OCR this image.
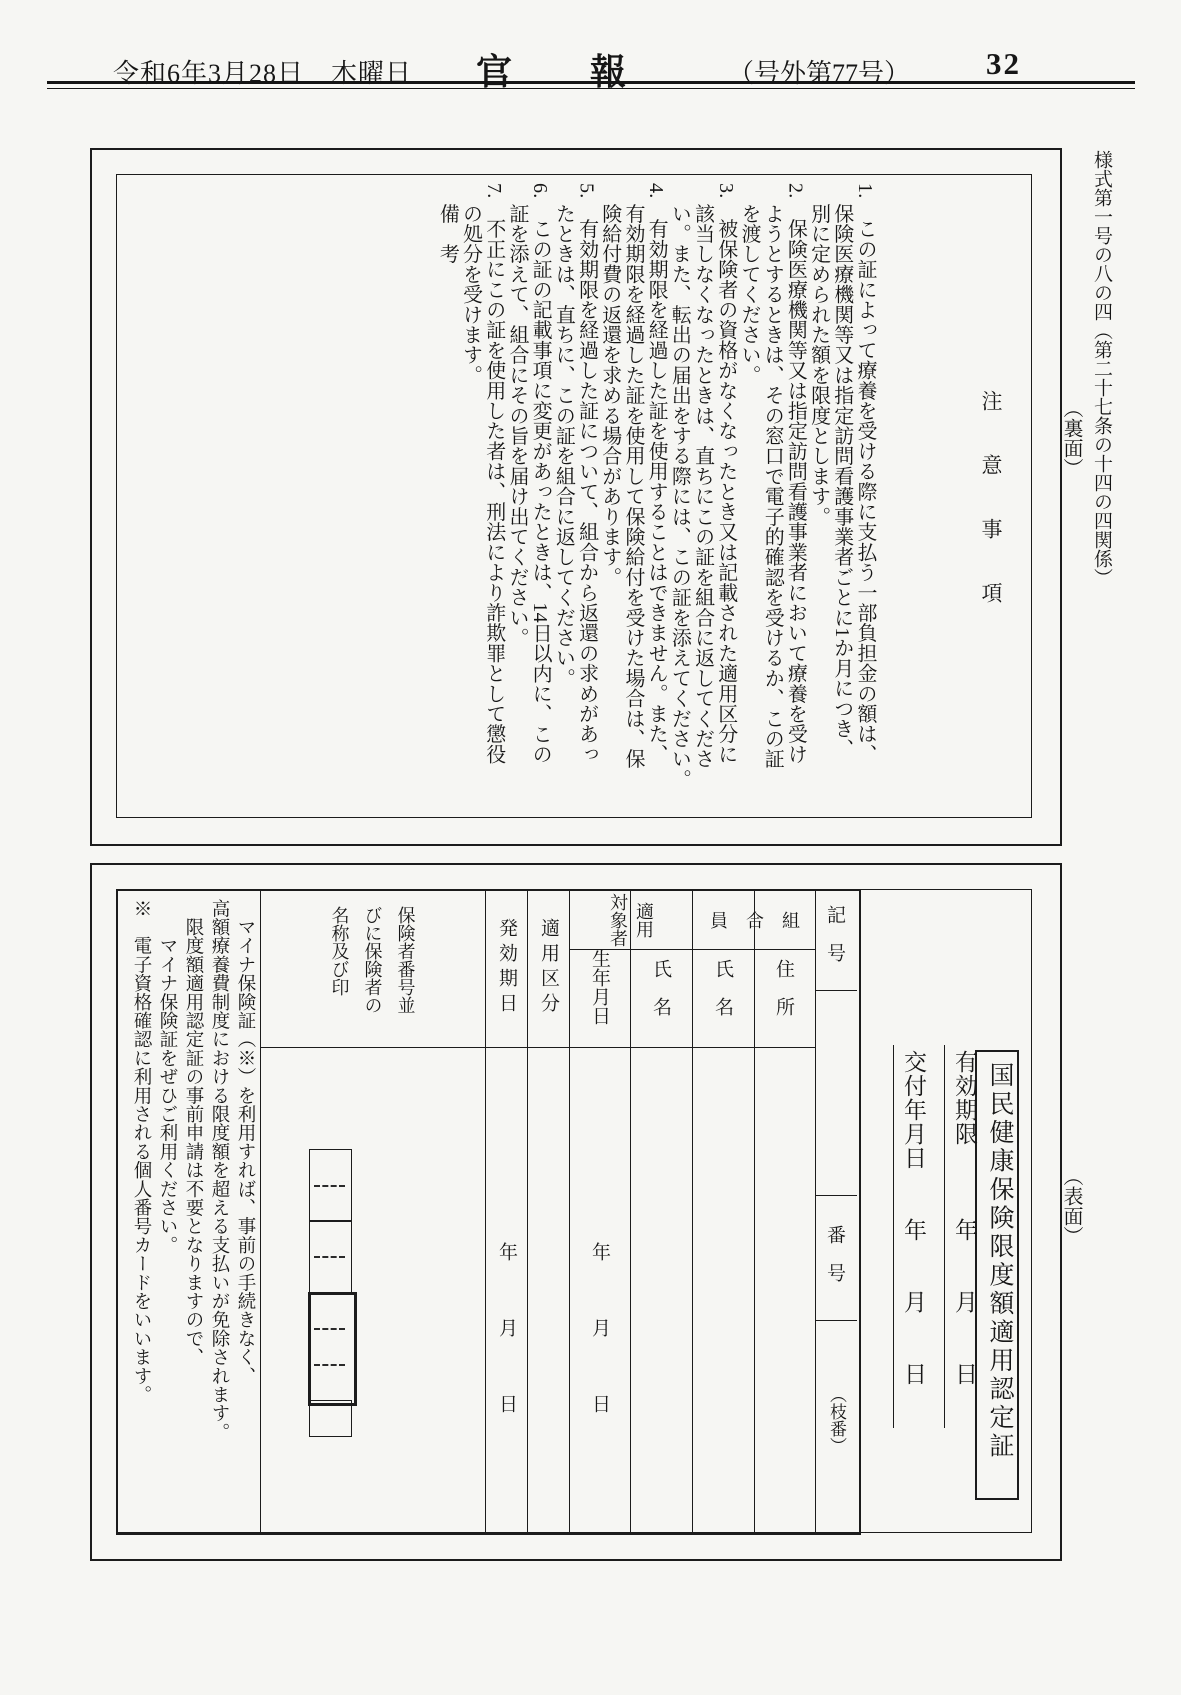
令和6年3月28日　木曜日 官　　報	（号外第77号） 32
様式第一号の八の四（第二十七条の十四の四関係）
（裏面）
（表面）
注　意　事　項
1.　この証によって療養を受ける際に支払う一部負担金の額は、
　保険医療機関等又は指定訪問看護事業者ごとに1か月につき、
　別に定められた額を限度とします。
2.　保険医療機関等又は指定訪問看護事業者において療養を受け
　ようとするときは、その窓口で電子的確認を受けるか、この証
　を渡してください。
3.　被保険者の資格がなくなったとき又は記載された適用区分に
　該当しなくなったときは、直ちにこの証を組合に返してくださ
　い。また、転出の届出をする際には、この証を添えてください。
4.　有効期限を経過した証を使用することはできません。また、
　有効期限を経過した証を使用して保険給付を受けた場合は、保
　険給付費の返還を求める場合があります。
5.　有効期限を経過した証について、組合から返還の求めがあっ
　たときは、直ちに、この証を組合に返してください。
6.　この証の記載事項に変更があったときは、14日以内に、この
　証を添えて、組合にその旨を届け出てください。
7.　不正にこの証を使用した者は、刑法により詐欺罪として懲役
　の処分を受けます。
　備　考
国民健康保険限度額適用認定証
有効期限　　　年　　月　　日
交付年月日　　年　　月　　日
記　号
番　号
（枝番）
組
合
員
適用
対象者
住　所
氏　名
氏　名
生年月日
適用区分
発効期日
保険者番号並
びに保険者の
名称及び印
年　　　月　　　日
年　　　月　　　日
　マイナ保険証（※）を利用すれば、事前の手続きなく、
高額療養費制度における限度額を超える支払いが免除されます。
　限度額適用認定証の事前申請は不要となりますので、
　　マイナ保険証をぜひご利用ください。
※　電子資格確認に利用される個人番号カードをいいます。
